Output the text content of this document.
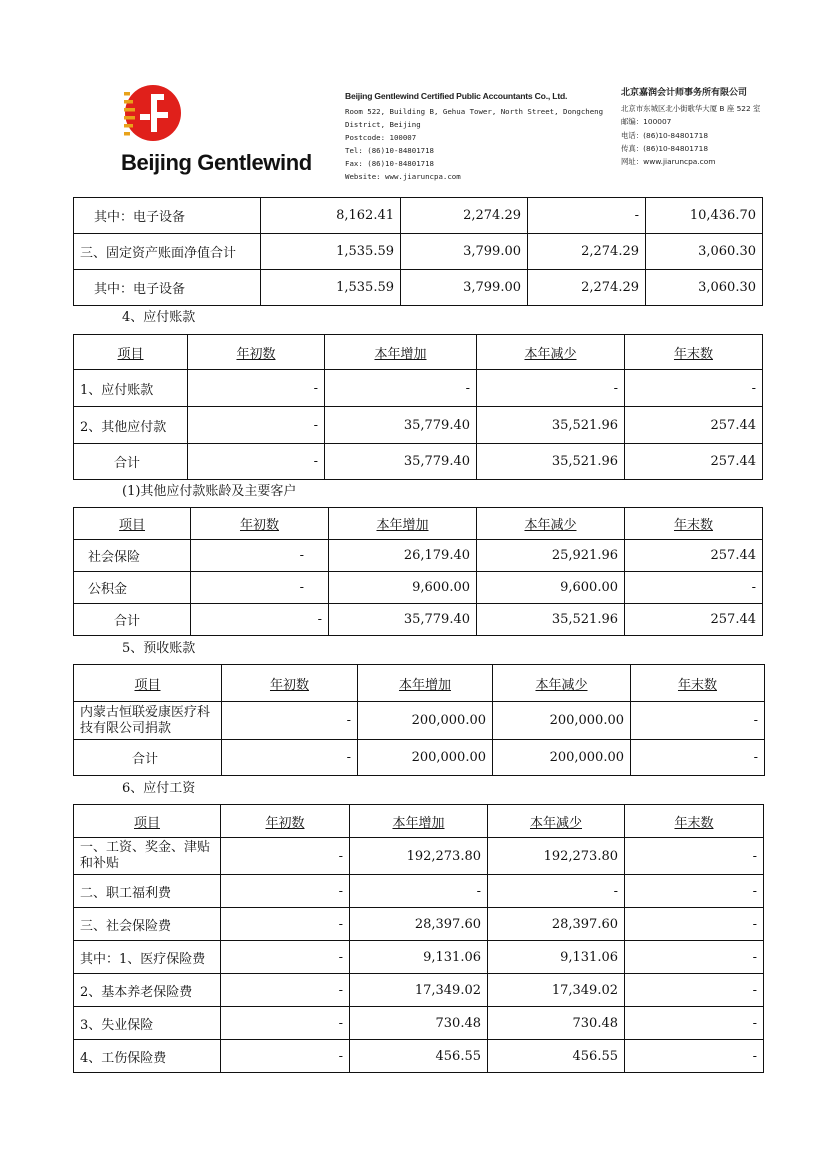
Beijing Gentlewind
Beijing Gentlewind Certified Public Accountants Co., Ltd.
Room 522, Building B, Gehua Tower, North Street, Dongcheng
District, Beijing
Postcode: 100007
Tel: (86)10-84801718
Fax: (86)10-84801718
Website: www.jiaruncpa.com
北京嘉润会计师事务所有限公司
北京市东城区北小街歌华大厦 B 座 522 室
邮编：100007
电话：(86)10-84801718
传真：(86)10-84801718
网址：www.jiaruncpa.com
其中：电子设备	8,162.41	2,274.29	-	10,436.70
三、固定资产账面净值合计	1,535.59	3,799.00	2,274.29	3,060.30
其中：电子设备	1,535.59	3,799.00	2,274.29	3,060.30
4、应付账款
项目	年初数	本年增加	本年减少	年末数
1、应付账款	-	-	-	-
2、其他应付款	-	35,779.40	35,521.96	257.44
合计	-	35,779.40	35,521.96	257.44
(1)其他应付款账龄及主要客户
项目	年初数	本年增加	本年减少	年末数
社会保险	-	26,179.40	25,921.96	257.44
公积金	-	9,600.00	9,600.00	-
合计	-	35,779.40	35,521.96	257.44
5、预收账款
项目	年初数	本年增加	本年减少	年末数
内蒙古恒联爱康医疗科技有限公司捐款	-	200,000.00	200,000.00	-
合计	-	200,000.00	200,000.00	-
6、应付工资
项目	年初数	本年增加	本年减少	年末数
一、工资、奖金、津贴和补贴	-	192,273.80	192,273.80	-
二、职工福利费	-	-	-	-
三、社会保险费	-	28,397.60	28,397.60	-
其中：1、医疗保险费	-	9,131.06	9,131.06	-
2、基本养老保险费	-	17,349.02	17,349.02	-
3、失业保险	-	730.48	730.48	-
4、工伤保险费	-	456.55	456.55	-
